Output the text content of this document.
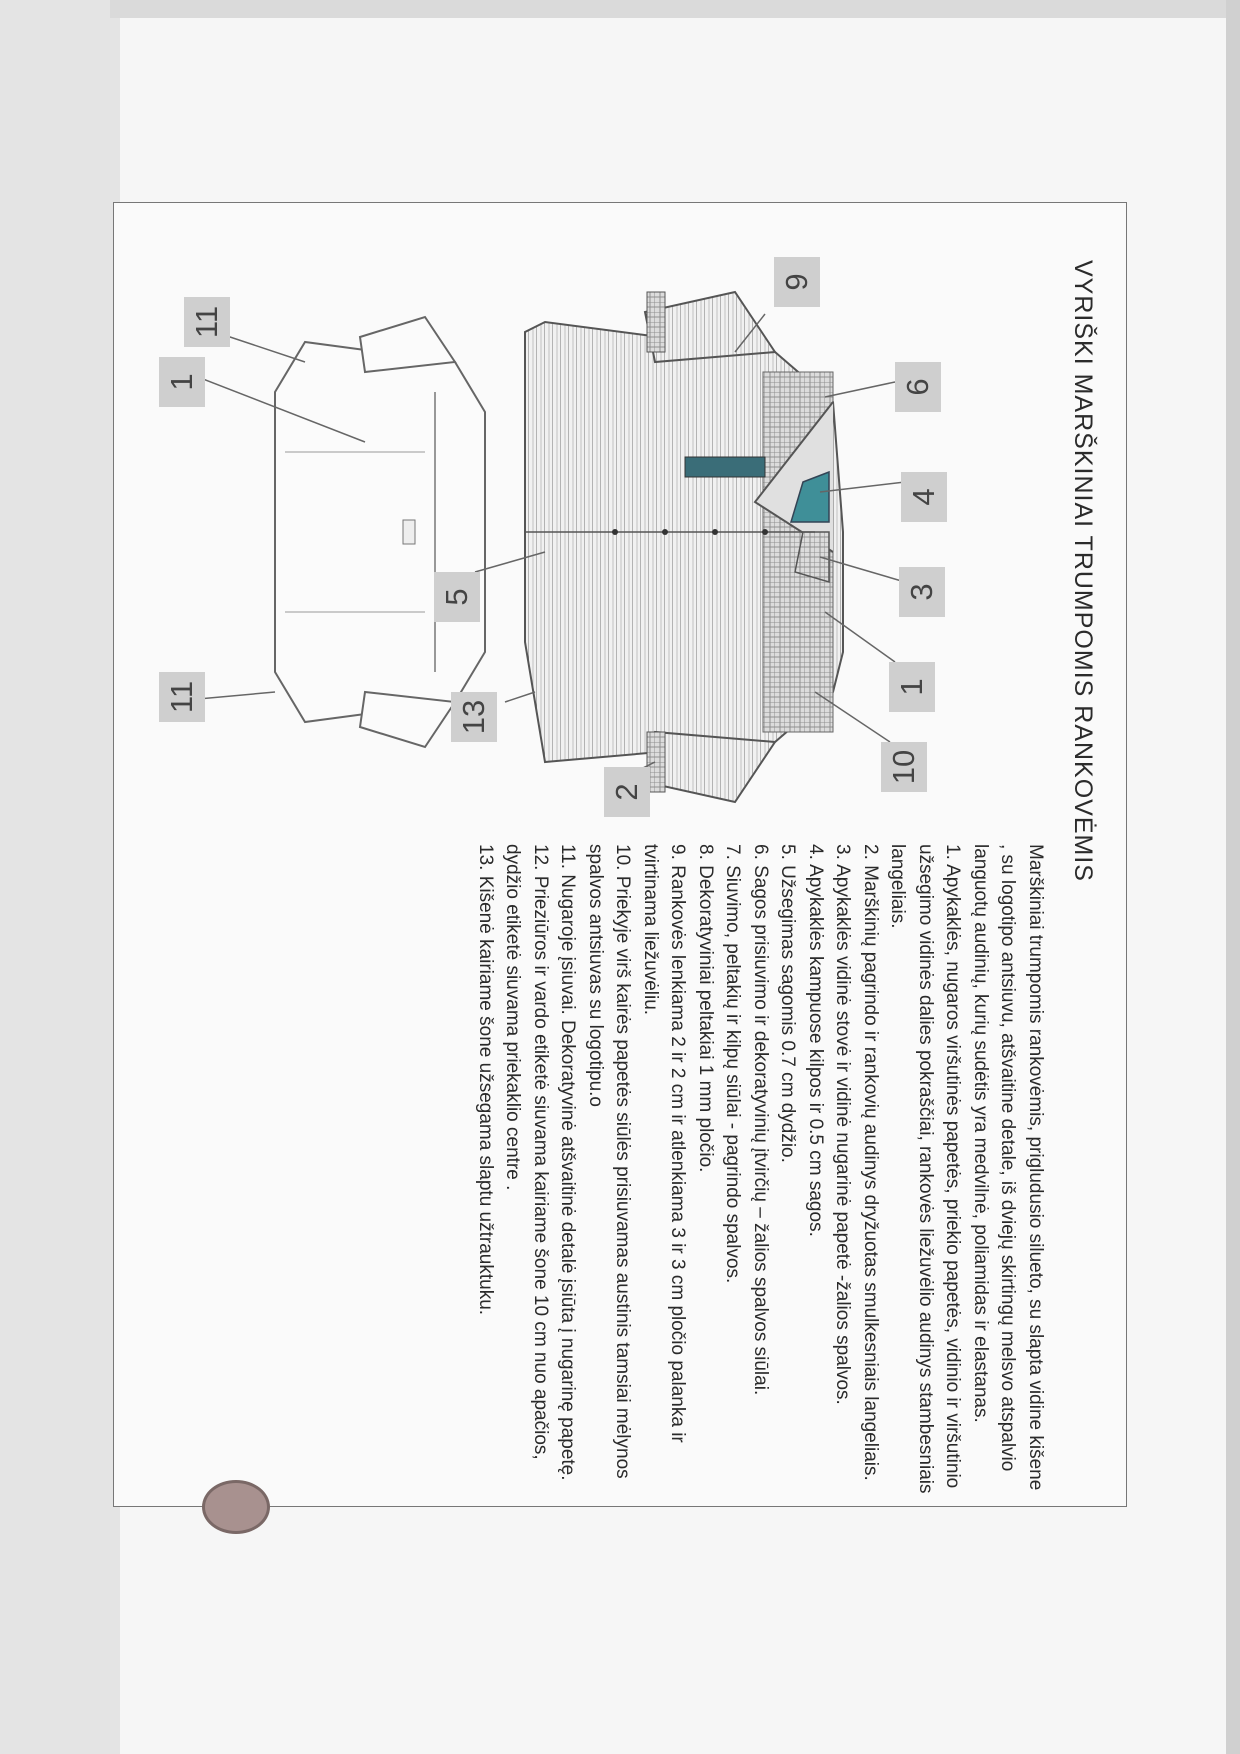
VYRIŠKI MARŠKINIAI TRUMPOMIS RANKOVĖMIS
9
6
4
3
1
10
5
13
2
11
11
1

Marškiniai trumpomis rankovėmis, prigludusio silueto, su slapta vidine kišene , su logotipo antsiuvu, atšvaitine detale, iš dviejų skirtingų melsvo atspalvio languotų audinių, kurių sudėtis yra medvilnė, poliamidas ir elastanas.

1. Apykaklės, nugaros viršutinės papetės, priekio papetės, vidinio ir viršutinio užsegimo vidinės dalies pokraščiai, rankovės liežuvėlio audinys stambesniais langeliais.

2. Marškinių pagrindo ir rankovių audinys dryžuotas smulkesniais langeliais.

3. Apykaklės vidinė stovė ir vidinė nugarinė papetė -žalios spalvos.

4. Apykaklės kampuose kilpos ir 0.5 cm sagos.

5. Užsegimas sagomis 0.7 cm dydžio.

6. Sagos prisiuvimo ir dekoratyvinių įtvirčių – žalios spalvos siūlai.

7. Siuvimo, peltakių ir kilpų siūlai - pagrindo spalvos.

8. Dekoratyviniai peltakiai 1 mm pločio.

9. Rankovės lenkiama 2 ir 2 cm ir atlenkiama 3 ir 3 cm pločio palanka ir tvirtinama liežuvėliu.

10. Priekyje virš kairės papetės siūlės prisiuvamas austinis tamsiai mėlynos spalvos antsiuvas su logotipu.o

11. Nugaroje įsiuvai. Dekoratyvinė atšvaitinė detalė įsiūta į nugarinę papetę.

12. Prieziūros ir vardo etiketė siuvama kairiame šone 10 cm nuo apačios, dydžio etiketė siuvama priekaklio centre .

13. Kišenė kairiame šone užsegama slaptu užtrauktuku.
